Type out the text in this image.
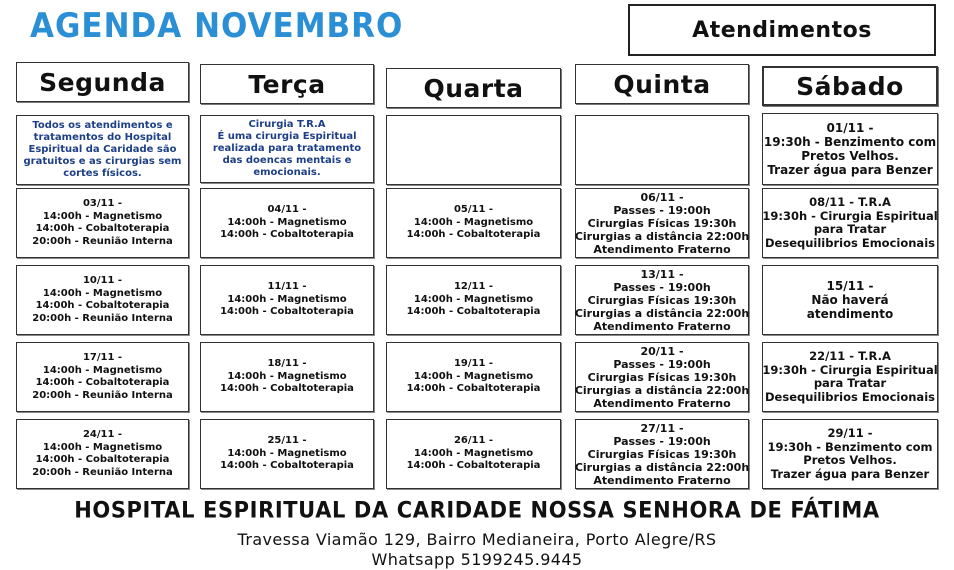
AGENDA NOVEMBRO	Atendimentos
Segunda
Todos os atendimentos e
tratamentos do Hospital
Espiritual da Caridade são
gratuitos e as cirurgias sem
cortes físicos.
03/11 -
14:00h - Magnetismo
14:00h - Cobaltoterapia
20:00h - Reunião Interna
10/11 -
14:00h - Magnetismo
14:00h - Cobaltoterapia
20:00h - Reunião Interna
17/11 -
14:00h - Magnetismo
14:00h - Cobaltoterapia
20:00h - Reunião Interna
24/11 -
14:00h - Magnetismo
14:00h - Cobaltoterapia
20:00h - Reunião Interna
Terça
Cirurgia T.R.A
É uma cirurgia Espiritual
realizada para tratamento
das doencas mentais e
emocionais.
04/11 -
14:00h - Magnetismo
14:00h - Cobaltoterapia
11/11 -
14:00h - Magnetismo
14:00h - Cobaltoterapia
18/11 -
14:00h - Magnetismo
14:00h - Cobaltoterapia
25/11 -
14:00h - Magnetismo
14:00h - Cobaltoterapia
Quarta
05/11 -
14:00h - Magnetismo
14:00h - Cobaltoterapia
12/11 -
14:00h - Magnetismo
14:00h - Cobaltoterapia
19/11 -
14:00h - Magnetismo
14:00h - Cobaltoterapia
26/11 -
14:00h - Magnetismo
14:00h - Cobaltoterapia
Quinta
06/11 -
Passes - 19:00h
Cirurgias Físicas 19:30h
Cirurgias a distância 22:00h
Atendimento Fraterno
13/11 -
Passes - 19:00h
Cirurgias Físicas 19:30h
Cirurgias a distância 22:00h
Atendimento Fraterno
20/11 -
Passes - 19:00h
Cirurgias Físicas 19:30h
Cirurgias a distância 22:00h
Atendimento Fraterno
27/11 -
Passes - 19:00h
Cirurgias Físicas 19:30h
Cirurgias a distância 22:00h
Atendimento Fraterno
Sábado
01/11 -
19:30h - Benzimento com
Pretos Velhos.
Trazer água para Benzer
08/11 - T.R.A
19:30h - Cirurgia Espiritual
para Tratar
Desequilibrios Emocionais
15/11 -
Não haverá
atendimento
22/11 - T.R.A
19:30h - Cirurgia Espiritual
para Tratar
Desequilibrios Emocionais
29/11 -
19:30h - Benzimento com
Pretos Velhos.
Trazer água para Benzer
HOSPITAL ESPIRITUAL DA CARIDADE NOSSA SENHORA DE FÁTIMA
Travessa Viamão 129, Bairro Medianeira, Porto Alegre/RS
Whatsapp 5199245.9445
